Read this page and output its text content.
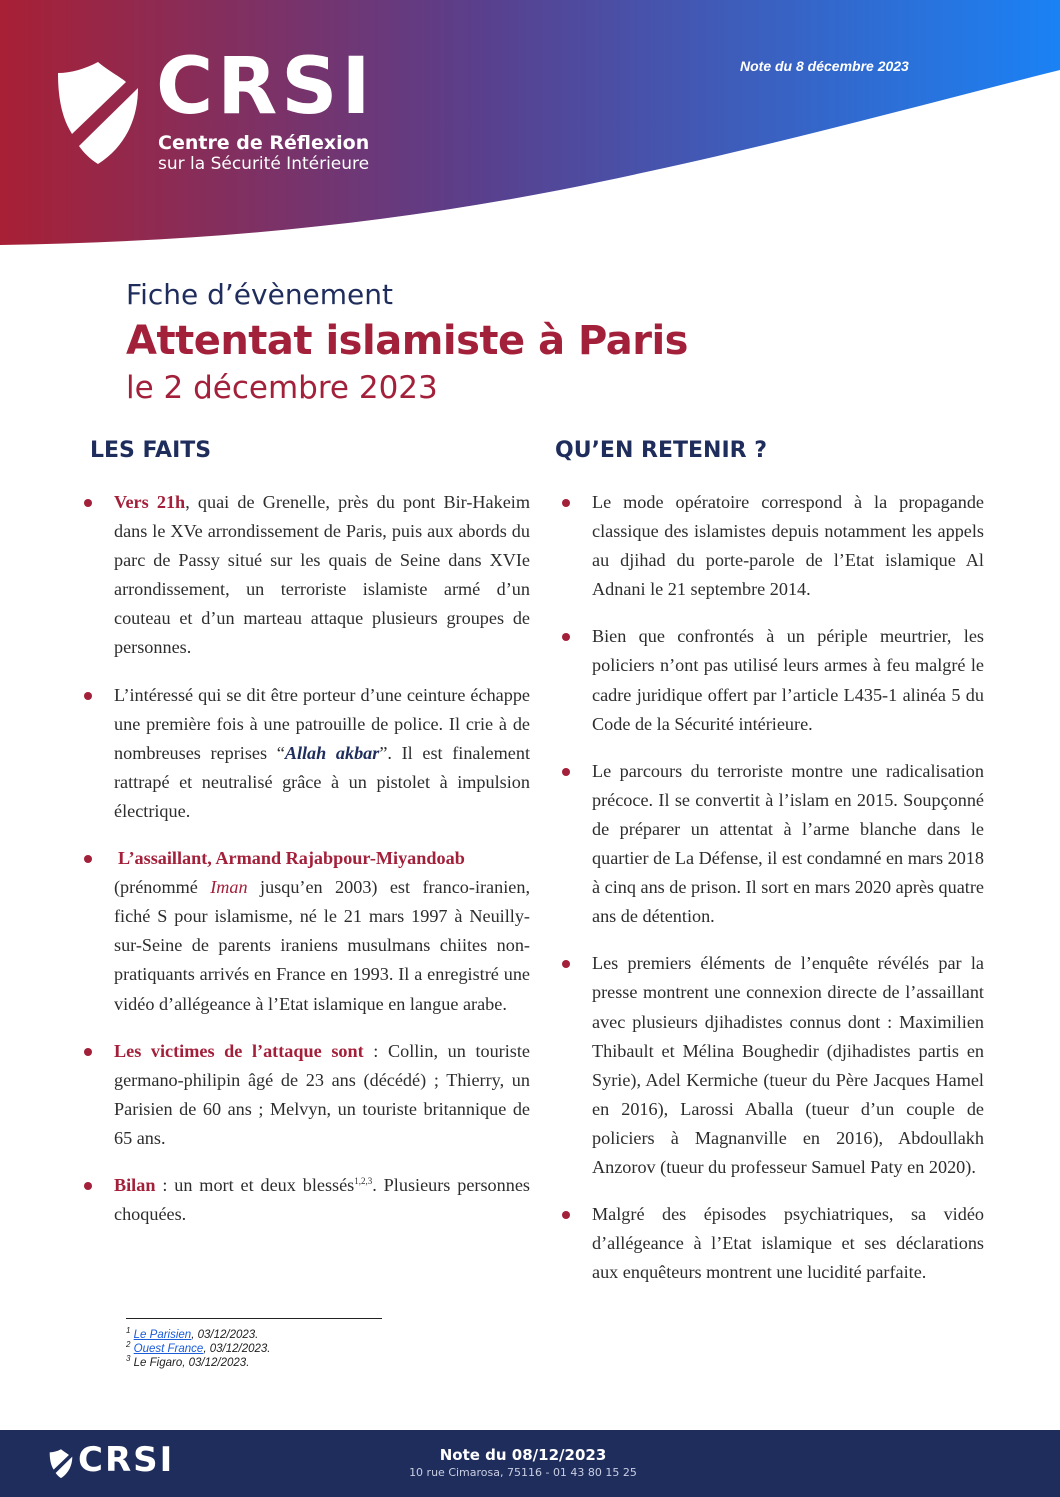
CRSI
Centre de Réflexion
sur la Sécurité Intérieure
Note du 8 décembre 2023
Fiche d’évènement
Attentat islamiste à Paris
le 2 décembre 2023
LES FAITS	QU’EN RETENIR ?
Vers 21h, quai de Grenelle, près du pont Bir-Hakeim dans le XVe arrondissement de Paris, puis aux abords du parc de Passy situé sur les quais de Seine dans XVIe arrondissement, un terroriste islamiste armé d’un couteau et d’un marteau attaque plusieurs groupes de personnes.
L’intéressé qui se dit être porteur d’une ceinture échappe une première fois à une patrouille de police. Il crie à de nombreuses reprises “Allah akbar”. Il est finalement rattrapé et neutralisé grâce à un pistolet à impulsion électrique.
L’assaillant, Armand Rajabpour-Miyandoab
(prénommé Iman jusqu’en 2003) est franco-iranien, fiché S pour islamisme, né le 21 mars 1997 à Neuilly-sur-Seine de parents iraniens musulmans chiites non-pratiquants arrivés en France en 1993. Il a enregistré une vidéo d’allégeance à l’Etat islamique en langue arabe.
Les victimes de l’attaque sont : Collin, un touriste germano-philipin âgé de 23 ans (décédé) ; Thierry, un Parisien de 60 ans ; Melvyn, un touriste britannique de 65 ans.
Bilan : un mort et deux blessés$^{1,2,3}$. Plusieurs personnes choquées.
Le mode opératoire correspond à la propagande classique des islamistes depuis notamment les appels au djihad du porte-parole de l’Etat islamique Al Adnani le 21 septembre 2014.
Bien que confrontés à un périple meurtrier, les policiers n’ont pas utilisé leurs armes à feu malgré le cadre juridique offert par l’article L435-1 alinéa 5 du Code de la Sécurité intérieure.
Le parcours du terroriste montre une radicalisation précoce. Il se convertit à l’islam en 2015. Soupçonné de préparer un attentat à l’arme blanche dans le quartier de La Défense, il est condamné en mars 2018 à cinq ans de prison. Il sort en mars 2020 après quatre ans de détention.
Les premiers éléments de l’enquête révélés par la presse montrent une connexion directe de l’assaillant avec plusieurs djihadistes connus dont : Maximilien Thibault et Mélina Boughedir (djihadistes partis en Syrie), Adel Kermiche (tueur du Père Jacques Hamel en 2016), Larossi Aballa (tueur d’un couple de policiers à Magnanville en 2016), Abdoullakh Anzorov (tueur du professeur Samuel Paty en 2020).
Malgré des épisodes psychiatriques, sa vidéo d’allégeance à l’Etat islamique et ses déclarations aux enquêteurs montrent une lucidité parfaite.
$^1$ Le Parisien, 03/12/2023.
$^2$ Ouest France, 03/12/2023.
$^3$ Le Figaro, 03/12/2023.
CRSI	Note du 08/12/2023
10 rue Cimarosa, 75116 - 01 43 80 15 25
